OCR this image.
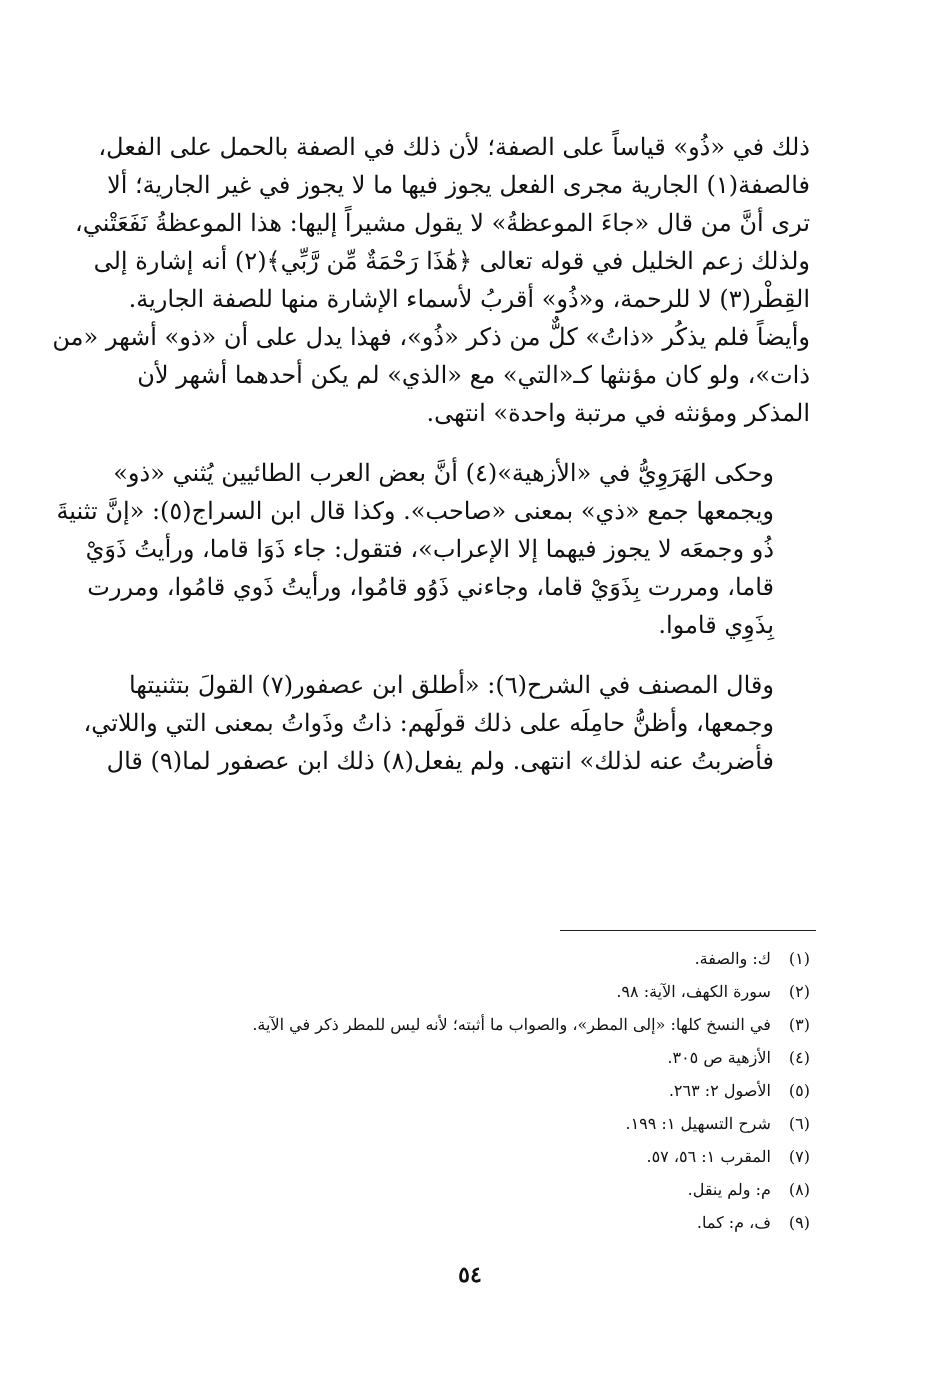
ذلك في «ذُو» قياساً على الصفة؛ لأن ذلك في الصفة بالحمل على الفعل،
فالصفة(١) الجارية مجرى الفعل يجوز فيها ما لا يجوز في غير الجارية؛ ألا
ترى أنَّ من قال «جاءَ الموعظةُ» لا يقول مشيراً إليها: هذا الموعظةُ نَفَعَتْني،
ولذلك زعم الخليل في قوله تعالى ﴿هَٰذَا رَحْمَةٌ مِّن رَّبِّي﴾(٢) أنه إشارة إلى
القِطْر(٣) لا للرحمة، و«ذُو» أقربُ لأسماء الإشارة منها للصفة الجارية.
وأيضاً فلم يذكُر «ذاتُ» كلٌّ من ذكر «ذُو»، فهذا يدل على أن «ذو» أشهر «من
ذات»، ولو كان مؤنثها كـ«التي» مع «الذي» لم يكن أحدهما أشهر لأن
المذكر ومؤنثه في مرتبة واحدة» انتهى.

وحكى الهَرَوِيُّ في «الأزهية»(٤) أنَّ بعض العرب الطائيين يُثني «ذو»
ويجمعها جمع «ذي» بمعنى «صاحب». وكذا قال ابن السراج(٥): «إنَّ تثنيةَ
ذُو وجمعَه لا يجوز فيهما إلا الإعراب»، فتقول: جاء ذَوَا قاما، ورأيتُ ذَوَيْ
قاما، ومررت بِذَوَيْ قاما، وجاءني ذَوُو قامُوا، ورأيتُ ذَوي قامُوا، ومررت
بِذَوِي قاموا.

وقال المصنف في الشرح(٦): «أطلق ابن عصفور(٧) القولَ بتثنيتها
وجمعها، وأظنُّ حامِلَه على ذلك قولَهم: ذاتُ وذَواتُ بمعنى التي واللاتي،
فأضربتُ عنه لذلك» انتهى. ولم يفعل(٨) ذلك ابن عصفور لما(٩) قال

(١) ك: والصفة.
(٢) سورة الكهف، الآية: ٩٨.
(٣) في النسخ كلها: «إلى المطر»، والصواب ما أثبته؛ لأنه ليس للمطر ذكر في الآية.
(٤) الأزهية ص ٣٠٥.
(٥) الأصول ٢: ٢٦٣.
(٦) شرح التسهيل ١: ١٩٩.
(٧) المقرب ١: ٥٦، ٥٧.
(٨) م: ولم ينقل.
(٩) ف، م: كما.
٥٤
